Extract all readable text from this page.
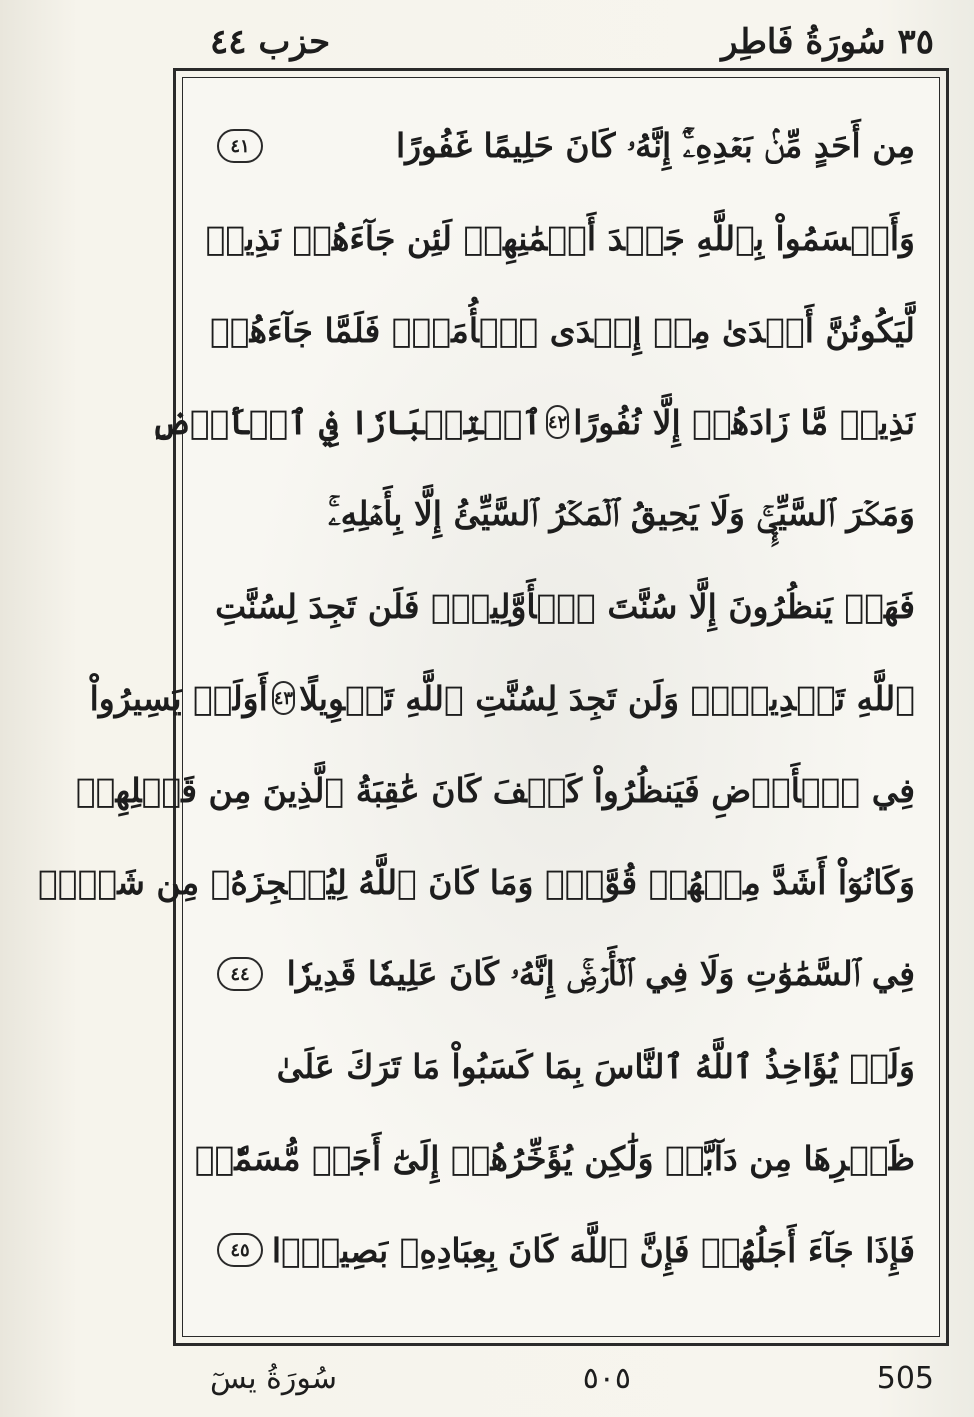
حزب ٤٤	٣٥ سُورَةُ فَاطِر
مِن أَحَدٍ مِّنۢ بَعۡدِهِۦٓۚ إِنَّهُۥ كَانَ حَلِيمًا غَفُورًا
٤١
وَأَقۡسَمُواْ بِٱللَّهِ جَهۡدَ أَيۡمَٰنِهِمۡ لَئِن جَآءَهُمۡ نَذِيرٞ
لَّيَكُونُنَّ أَهۡدَىٰ مِنۡ إِحۡدَى ٱلۡأُمَمِۖ فَلَمَّا جَآءَهُمۡ
نَذِيرٞ مَّا زَادَهُمۡ إِلَّا نُفُورًا
٤٢
ٱسۡتِكۡبَارٗا فِي ٱلۡأَرۡضِ
وَمَكۡرَ ٱلسَّيِّيِٕۚ وَلَا يَحِيقُ ٱلۡمَكۡرُ ٱلسَّيِّئُ إِلَّا بِأَهۡلِهِۦۚ
فَهَلۡ يَنظُرُونَ إِلَّا سُنَّتَ ٱلۡأَوَّلِينَۚ فَلَن تَجِدَ لِسُنَّتِ
ٱللَّهِ تَبۡدِيلٗاۖ وَلَن تَجِدَ لِسُنَّتِ ٱللَّهِ تَحۡوِيلًا
٤٣
أَوَلَمۡ يَسِيرُواْ
فِي ٱلۡأَرۡضِ فَيَنظُرُواْ كَيۡفَ كَانَ عَٰقِبَةُ ٱلَّذِينَ مِن قَبۡلِهِمۡ
وَكَانُوٓاْ أَشَدَّ مِنۡهُمۡ قُوَّةٗۚ وَمَا كَانَ ٱللَّهُ لِيُعۡجِزَهُۥ مِن شَيۡءٖ
فِي ٱلسَّمَٰوَٰتِ وَلَا فِي ٱلۡأَرۡضِۚ إِنَّهُۥ كَانَ عَلِيمٗا قَدِيرٗا
٤٤
وَلَوۡ يُؤَاخِذُ ٱللَّهُ ٱلنَّاسَ بِمَا كَسَبُواْ مَا تَرَكَ عَلَىٰ
ظَهۡرِهَا مِن دَآبَّةٖ وَلَٰكِن يُؤَخِّرُهُمۡ إِلَىٰٓ أَجَلٖ مُّسَمّٗىۖ
فَإِذَا جَآءَ أَجَلُهُمۡ فَإِنَّ ٱللَّهَ كَانَ بِعِبَادِهِۦ بَصِيرَۢا
٤٥
سُورَةُ يسٓ	٥٠٥	505
